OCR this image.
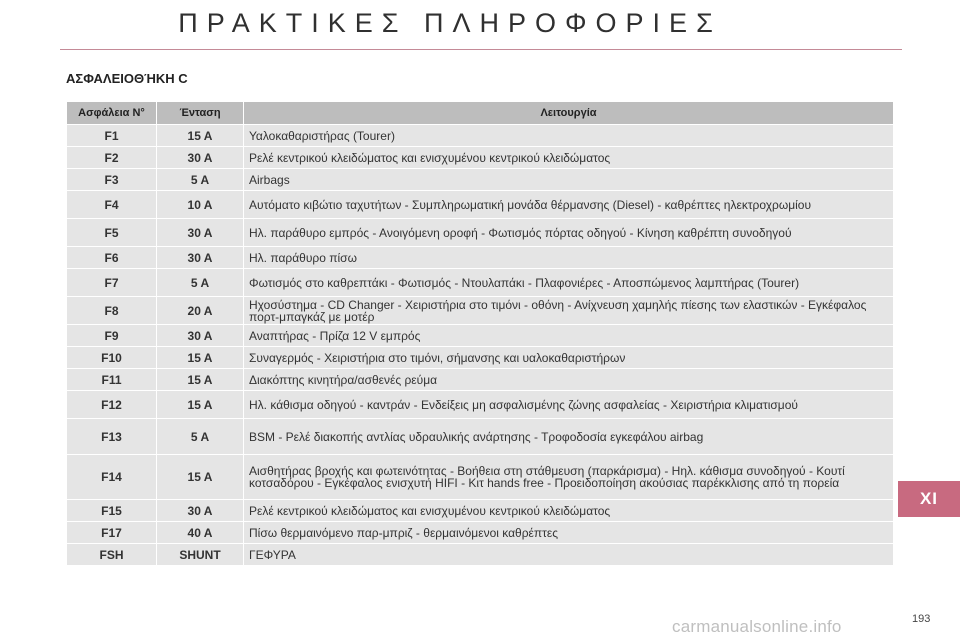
ΠΡΑΚΤΙΚΕΣ ΠΛΗΡΟΦΟΡΙΕΣ
ΑΣΦΑΛΕΙΟΘΉΚΗ C
Ασφάλεια N°	Ένταση	Λειτουργία
F1	15 A	Υαλοκαθαριστήρας (Tourer)
F2	30 A	Ρελέ κεντρικού κλειδώματος και ενισχυμένου κεντρικού κλειδώματος
F3	5 A	Airbags
F4	10 A	Αυτόματο κιβώτιο ταχυτήτων - Συμπληρωματική μονάδα θέρμανσης (Diesel) - καθρέπτες ηλεκτροχρωμίου
F5	30 A	Ηλ. παράθυρο εμπρός - Ανοιγόμενη οροφή - Φωτισμός πόρτας οδηγού - Κίνηση καθρέπτη συνοδηγού
F6	30 A	Ηλ. παράθυρο πίσω
F7	5 A	Φωτισμός στο καθρεπτάκι - Φωτισμός - Ντουλαπάκι - Πλαφονιέρες - Αποσπώμενος λαμπτήρας (Tourer)
F8	20 A	Ηχοσύστημα - CD Changer - Χειριστήρια στο τιμόνι - οθόνη - Ανίχνευση χαμηλής πίεσης των ελαστικών - Εγκέφαλος πορτ-μπαγκάζ με μοτέρ
F9	30 A	Αναπτήρας - Πρίζα 12 V εμπρός
F10	15 A	Συναγερμός - Χειριστήρια στο τιμόνι, σήμανσης και υαλοκαθαριστήρων
F11	15 A	Διακόπτης κινητήρα/ασθενές ρεύμα
F12	15 A	Ηλ. κάθισμα οδηγού - καντράν - Ενδείξεις μη ασφαλισμένης ζώνης ασφαλείας - Χειριστήρια κλιματισμού
F13	5 A	BSM - Ρελέ διακοπής αντλίας υδραυλικής ανάρτησης - Τροφοδοσία εγκεφάλου airbag
F14	15 A	Αισθητήρας βροχής και φωτεινότητας - Βοήθεια στη στάθμευση (παρκάρισμα) - Ηηλ. κάθισμα συνοδηγού - Κουτί κοτσαδόρου - Εγκέφαλος ενισχυτή HIFI - Κιτ hands free - Προειδοποίηση ακούσιας παρέκκλισης από τη πορεία
F15	30 A	Ρελέ κεντρικού κλειδώματος και ενισχυμένου κεντρικού κλειδώματος
F17	40 A	Πίσω θερμαινόμενο παρ-μπριζ - θερμαινόμενοι καθρέπτες
FSH	SHUNT	ΓΕΦΥΡΑ
XI
193
carmanualsonline.info
